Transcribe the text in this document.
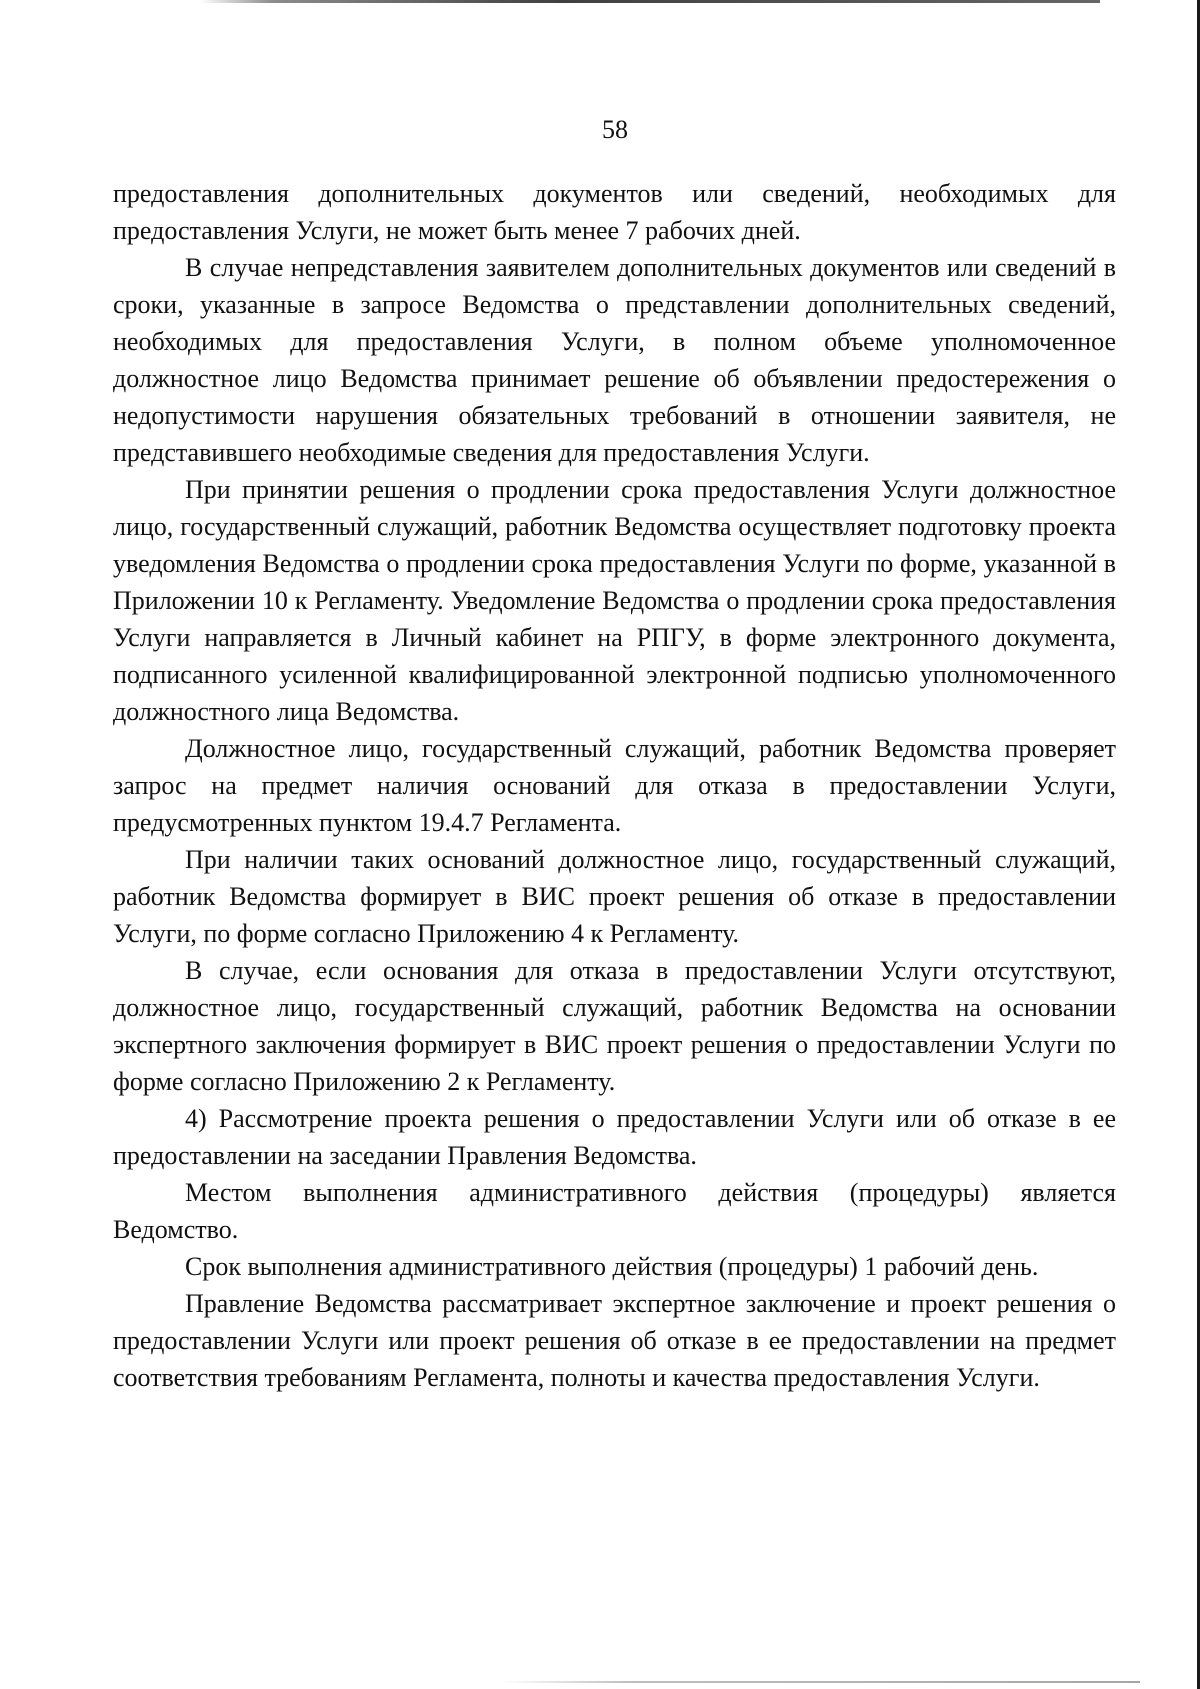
58

предоставления дополнительных документов или сведений, необходимых для предоставления Услуги, не может быть менее 7 рабочих дней.

В случае непредставления заявителем дополнительных документов или сведений в сроки, указанные в запросе Ведомства о представлении дополнительных сведений, необходимых для предоставления Услуги, в полном объеме уполномоченное должностное лицо Ведомства принимает решение об объявлении предостережения о недопустимости нарушения обязательных требований в отношении заявителя, не представившего необходимые сведения для предоставления Услуги.

При принятии решения о продлении срока предоставления Услуги должностное лицо, государственный служащий, работник Ведомства осуществляет подготовку проекта уведомления Ведомства о продлении срока предоставления Услуги по форме, указанной в Приложении 10 к Регламенту. Уведомление Ведомства о продлении срока предоставления Услуги направляется в Личный кабинет на РПГУ, в форме электронного документа, подписанного усиленной квалифицированной электронной подписью уполномоченного должностного лица Ведомства.

Должностное лицо, государственный служащий, работник Ведомства проверяет запрос на предмет наличия оснований для отказа в предоставлении Услуги, предусмотренных пунктом 19.4.7 Регламента.

При наличии таких оснований должностное лицо, государственный служащий, работник Ведомства формирует в ВИС проект решения об отказе в предоставлении Услуги, по форме согласно Приложению 4 к Регламенту.

В случае, если основания для отказа в предоставлении Услуги отсутствуют, должностное лицо, государственный служащий, работник Ведомства на основании экспертного заключения формирует в ВИС проект решения о предоставлении Услуги по форме согласно Приложению 2 к Регламенту.

4) Рассмотрение проекта решения о предоставлении Услуги или об отказе в ее предоставлении на заседании Правления Ведомства.

Местом выполнения административного действия (процедуры) является Ведомство.

Срок выполнения административного действия (процедуры) 1 рабочий день.

Правление Ведомства рассматривает экспертное заключение и проект решения о предоставлении Услуги или проект решения об отказе в ее предоставлении на предмет соответствия требованиям Регламента, полноты и качества предоставления Услуги.
